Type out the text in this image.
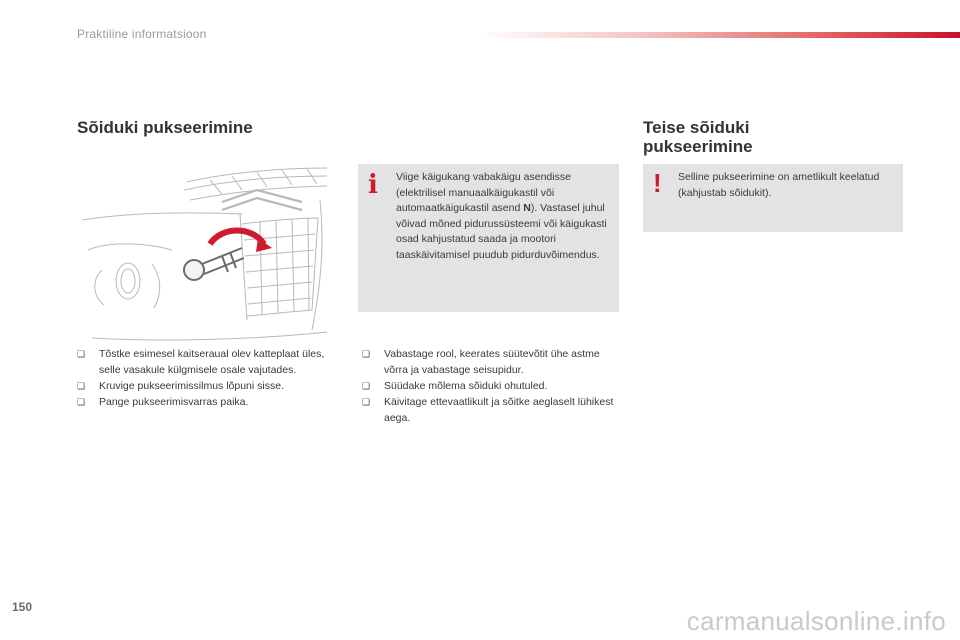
Praktiline informatsioon
Sõiduki pukseerimine
i Viige käigukang vabakäigu asendisse (elektrilisel manuaalkäigukastil või automaatkäigukastil asend N). Vastasel juhul võivad mõned pidurussüsteemi või käigukasti osad kahjustatud saada ja mootori taaskäivitamisel puudub pidurduvõimendus.
Teise sõiduki
pukseerimine
! Selline pukseerimine on ametlikult keelatud (kahjustab sõidukit).
❑ Tõstke esimesel kaitseraual olev katteplaat üles, selle vasakule külgmisele osale vajutades.
❑ Kruvige pukseerimissilmus lõpuni sisse.
❑ Pange pukseerimisvarras paika.
❑ Vabastage rool, keerates süütevõtit ühe astme võrra ja vabastage seisupidur.
❑ Süüdake mõlema sõiduki ohutuled.
❑ Käivitage ettevaatlikult ja sõitke aeglaselt lühikest aega.
150	carmanualsonline.info
